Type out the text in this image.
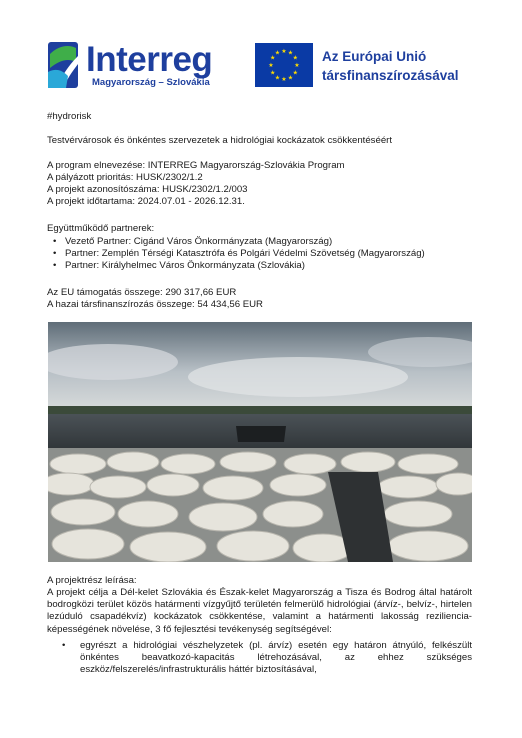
Interreg
Magyarország – Szlovákia
★ ★
★
★
★
★
★
★
★
★
★
★	Az Európai Unió
társfinanszírozásával
#hydrorisk
Testvérvárosok és önkéntes szervezetek a hidrológiai kockázatok csökkentéséért
A program elnevezése: INTERREG Magyarország-Szlovákia Program
A pályázott prioritás: HUSK/2302/1.2
A projekt azonosítószáma: HUSK/2302/1.2/003
A projekt időtartama: 2024.07.01 - 2026.12.31.
Együttműködő partnerek:
• Vezető Partner: Cigánd Város Önkormányzata (Magyarország)
• Partner: Zemplén Térségi Katasztrófa és Polgári Védelmi Szövetség (Magyarország)
• Partner: Királyhelmec Város Önkormányzata (Szlovákia)
Az EU támogatás összege: 290 317,66 EUR
A hazai társfinanszírozás összege: 54 434,56 EUR
A projektrész leírása:
A projekt célja a Dél-kelet Szlovákia és Észak-kelet Magyarország a Tisza és Bodrog által határolt bodrogközi terület közös határmenti vízgyűjtő területén felmerülő hidrológiai (árvíz-, belvíz-, hirtelen lezúduló csapadékvíz) kockázatok csökkentése, valamint a határmenti lakosság reziliencia-képességének növelése, 3 fő fejlesztési tevékenység segítségével:
• egyrészt a hidrológiai vészhelyzetek (pl. árvíz) esetén egy határon átnyúló, felkészült önkéntes beavatkozó-kapacitás létrehozásával, az ehhez szükséges eszköz/felszerelés/infrastrukturális háttér biztosításával,
